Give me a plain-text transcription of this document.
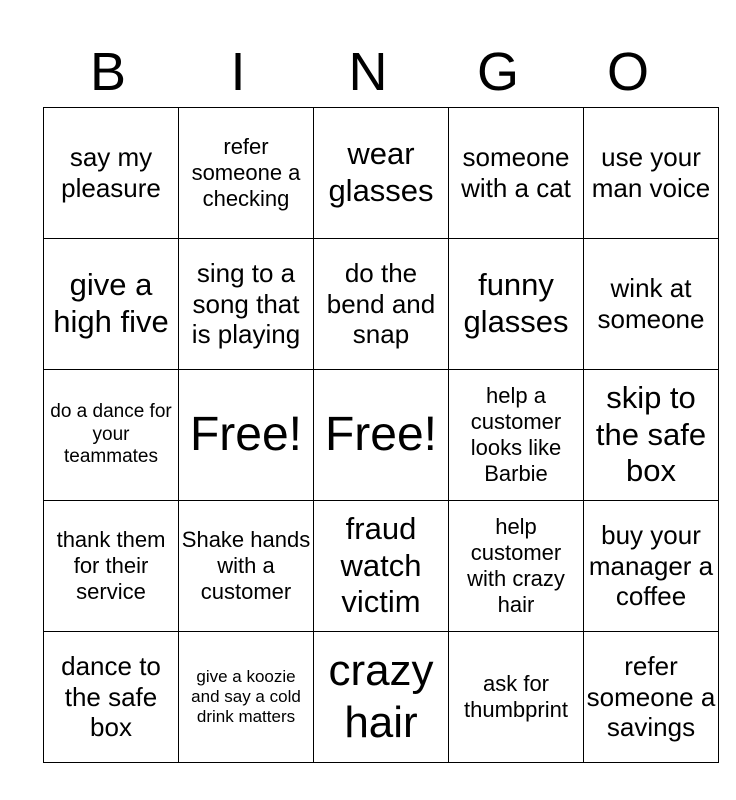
B	I	N	G	O
say my pleasure	refer someone a checking	wear glasses	someone with a cat	use your man voice
give a high five	sing to a song that is playing	do the bend and snap	funny glasses	wink at someone
do a dance for your teammates	Free!	Free!	help a customer looks like Barbie	skip to the safe box
thank them for their service	Shake hands with a customer	fraud watch victim	help customer with crazy hair	buy your manager a coffee
dance to the safe box	give a koozie and say a cold drink matters	crazy hair	ask for thumbprint	refer someone a savings
